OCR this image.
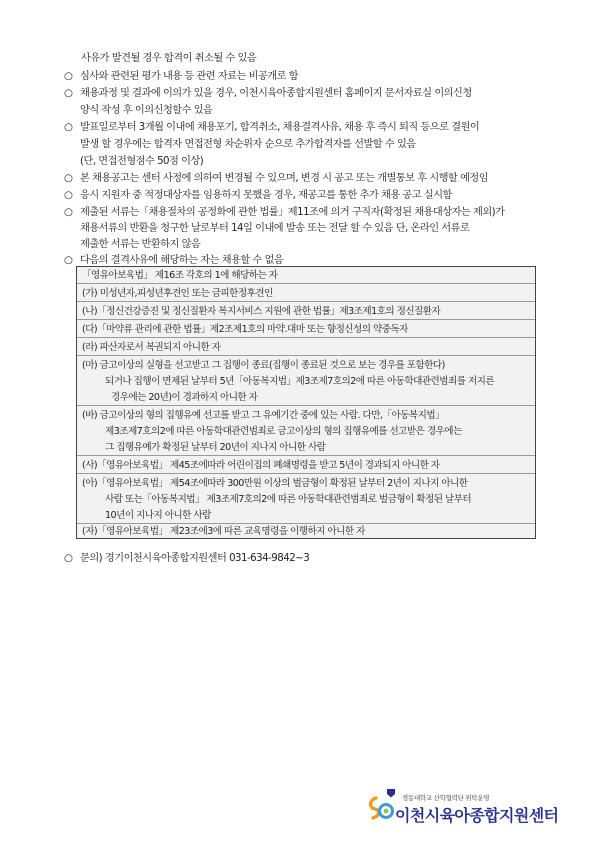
사유가 발견될 경우 합격이 취소될 수 있음
○ 심사와 관련된 평가 내용 등 관련 자료는 비공개로 함
○ 채용과정 및 결과에 이의가 있을 경우, 이천시육아종합지원센터 홈페이지 문서자료실 이의신청
양식 작성 후 이의신청할수 있음
○ 발표일로부터 3개월 이내에 채용포기, 합격취소, 채용결격사유, 채용 후 즉시 퇴직 등으로 결원이
발생 할 경우에는 합격자 면접전형 차순위자 순으로 추가합격자를 선발할 수 있음
(단, 면접전형점수 50점 이상)
○ 본 채용공고는 센터 사정에 의하여 변경될 수 있으며, 변경 시 공고 또는 개별통보 후 시행할 예정임
○ 응시 지원자 중 적정대상자를 임용하지 못했을 경우, 재공고를 통한 추가 채용 공고 실시함
○ 제출된 서류는「채용절차의 공정화에 관한 법률」제11조에 의거 구직자(확정된 채용대상자는 제외)가
채용서류의 반환을 청구한 날로부터 14일 이내에 발송 또는 전달 할 수 있음 단, 온라인 서류로
제출한 서류는 반환하지 않음
○ 다음의 결격사유에 해당하는 자는 채용할 수 없음
「영유아보육법」 제16조 각호의 1에 해당하는 자
(가) 미성년자,피성년후견인 또는 금피한정후견인
(나)「정신건강증진 및 정신질환자 복지서비스 지원에 관한 법률」제3조제1호의 정신질환자
(다)「마약류 관리에 관한 법률」제2조제1호의 마약.대마 또는 향정신성의 약중독자
(라) 파산자로서 복권되지 아니한 자
(마) 금고이상의 실형을 선고받고 그 집행이 종료(집행이 종료된 것으로 보는 경우를 포함한다)
되거나 집행이 면제된 날부터 5년「아동복지법」제3조제7호의2에 따른 아동학대관련범죄를 저지른
경우에는 20년)이 경과하지 아니한 자
(바) 금고이상의 형의 집행유예 선고를 받고 그 유예기간 중에 있는 사람. 다만,「아동복지법」
제3조제7호의2에 따른 아동학대관련범죄로 금고이상의 형의 집행유예를 선고받은 경우에는
그 집행유예가 확정된 날부터 20년이 지나지 아니한 사람
(사)「영유아보육법」 제45조에따라 어린이집의 폐쇄명령을 받고 5년이 경과되지 아니한 자
(아)「영유아보육법」 제54조에따라 300만원 이상의 벌금형이 확정된 날부터 2년이 지나지 아니한
사람 또는「아동복지법」 제3조제7호의2에 따른 아동학대관련범죄로 벌금형이 확정된 날부터
10년이 지나지 아니한 사람
(자)「영유아보육법」 제23조에3에 따른 교육명령을 이행하지 아니한 자
○ 문의) 경기이천시육아종합지원센터 031-634-9842~3
경동대학교 산학협력단 위탁운영
이천시육아종합지원센터
